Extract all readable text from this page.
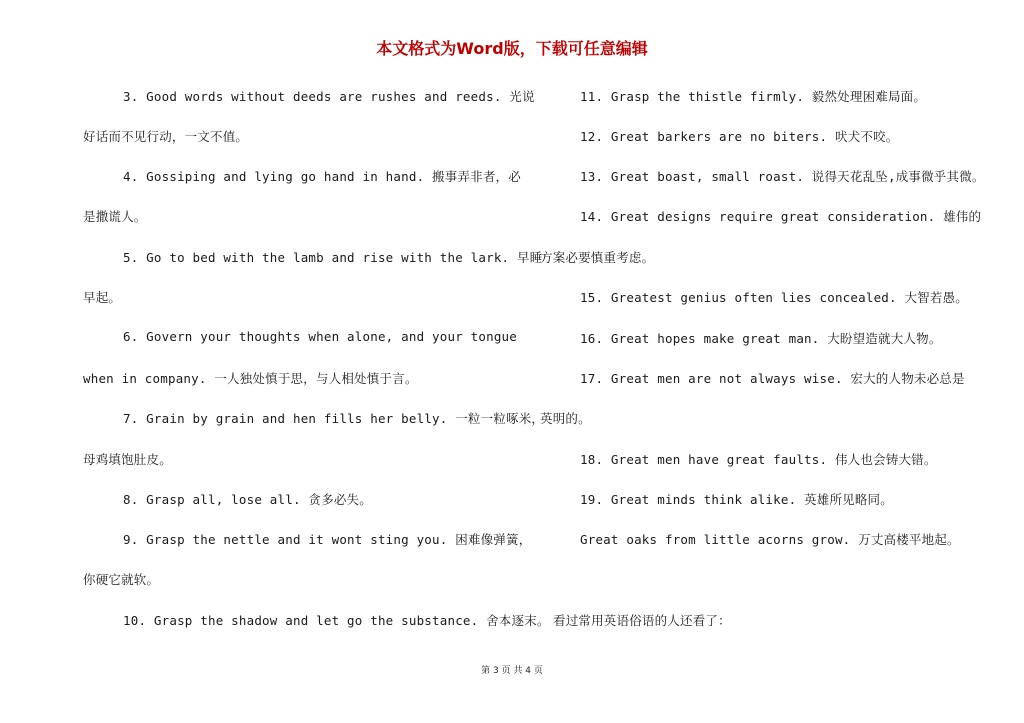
本文格式为Word版，下载可任意编辑
3. Good words without deeds are rushes and reeds. 光说
好话而不见行动，一文不值。
4. Gossiping and lying go hand in hand. 搬事弄非者，必
是撒谎人。
5. Go to bed with the lamb and rise with the lark. 早睡
早起。
6. Govern your thoughts when alone, and your tongue
when in company. 一人独处慎于思，与人相处慎于言。
7. Grain by grain and hen fills her belly. 一粒一粒啄米，
母鸡填饱肚皮。
8. Grasp all, lose all. 贪多必失。
9. Grasp the nettle and it wont sting you. 困难像弹簧，
你硬它就软。
10. Grasp the shadow and let go the substance. 舍本逐末。
11. Grasp the thistle firmly. 毅然处理困难局面。
12. Great barkers are no biters. 吠犬不咬。
13. Great boast, small roast. 说得天花乱坠,成事微乎其微。
14. Great designs require great consideration. 雄伟的
方案必要慎重考虑。
15. Greatest genius often lies concealed. 大智若愚。
16. Great hopes make great man. 大盼望造就大人物。
17. Great men are not always wise. 宏大的人物未必总是
英明的。
18. Great men have great faults. 伟人也会铸大错。
19. Great minds think alike. 英雄所见略同。
Great oaks from little acorns grow. 万丈高楼平地起。
看过常用英语俗语的人还看了：
第 3 页 共 4 页
